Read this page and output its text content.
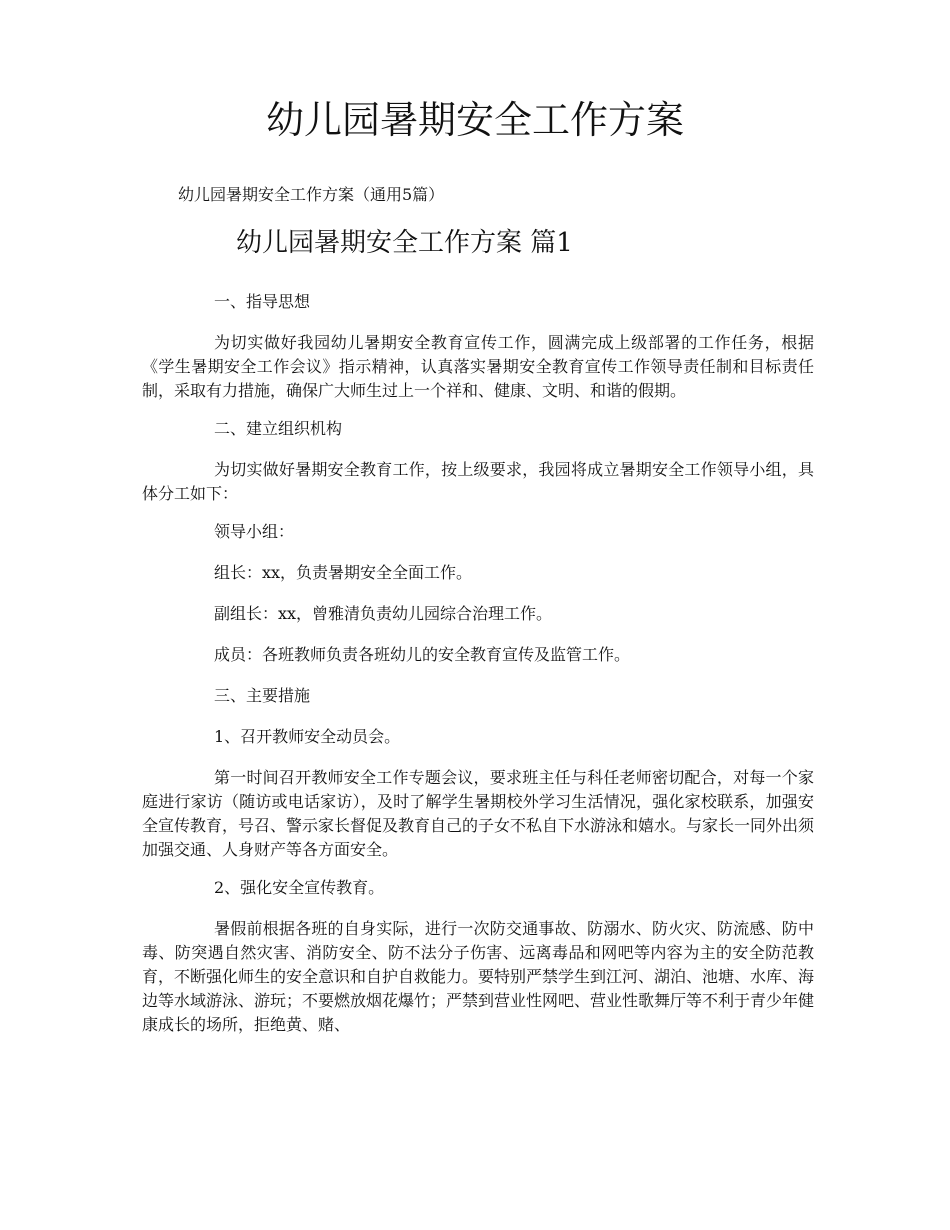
幼儿园暑期安全工作方案

幼儿园暑期安全工作方案（通用5篇）

幼儿园暑期安全工作方案 篇1

一、指导思想

为切实做好我园幼儿暑期安全教育宣传工作，圆满完成上级部署的工作任务，根据《学生暑期安全工作会议》指示精神，认真落实暑期安全教育宣传工作领导责任制和目标责任制，采取有力措施，确保广大师生过上一个祥和、健康、文明、和谐的假期。

二、建立组织机构

为切实做好暑期安全教育工作，按上级要求，我园将成立暑期安全工作领导小组，具体分工如下：

领导小组：

组长：xx，负责暑期安全全面工作。

副组长：xx，曾雅清负责幼儿园综合治理工作。

成员：各班教师负责各班幼儿的安全教育宣传及监管工作。

三、主要措施

1、召开教师安全动员会。

第一时间召开教师安全工作专题会议，要求班主任与科任老师密切配合，对每一个家庭进行家访（随访或电话家访），及时了解学生暑期校外学习生活情况，强化家校联系，加强安全宣传教育，号召、警示家长督促及教育自己的子女不私自下水游泳和嬉水。与家长一同外出须加强交通、人身财产等各方面安全。

2、强化安全宣传教育。

暑假前根据各班的自身实际，进行一次防交通事故、防溺水、防火灾、防流感、防中毒、防突遇自然灾害、消防安全、防不法分子伤害、远离毒品和网吧等内容为主的安全防范教育，不断强化师生的安全意识和自护自救能力。要特别严禁学生到江河、湖泊、池塘、水库、海边等水域游泳、游玩；不要燃放烟花爆竹；严禁到营业性网吧、营业性歌舞厅等不利于青少年健康成长的场所，拒绝黄、赌、
